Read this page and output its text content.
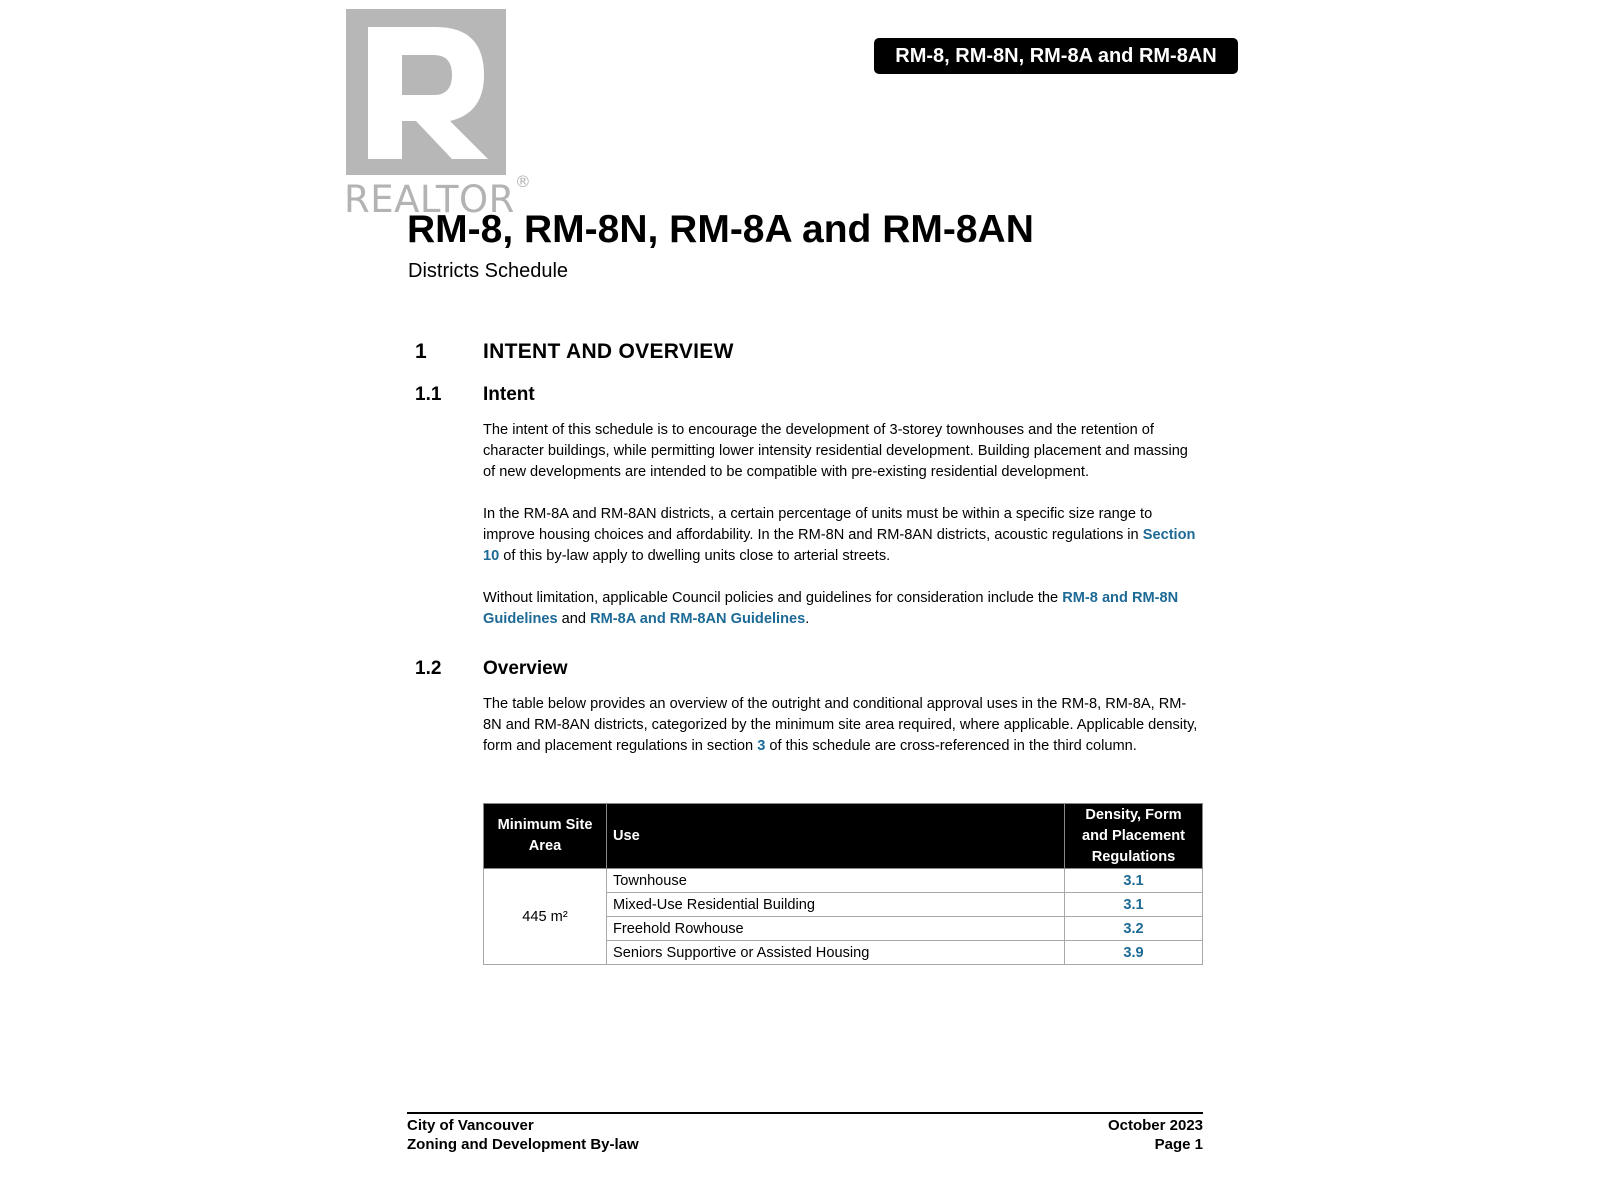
REALTOR®
RM-8, RM-8N, RM-8A and RM-8AN
RM-8, RM-8N, RM-8A and RM-8AN
Districts Schedule
1	INTENT AND OVERVIEW
1.1 Intent
The intent of this schedule is to encourage the development of 3-storey townhouses and the retention of character buildings, while permitting lower intensity residential development. Building placement and massing of new developments are intended to be compatible with pre-existing residential development.
In the RM-8A and RM-8AN districts, a certain percentage of units must be within a specific size range to improve housing choices and affordability. In the RM-8N and RM-8AN districts, acoustic regulations in Section 10 of this by-law apply to dwelling units close to arterial streets.
Without limitation, applicable Council policies and guidelines for consideration include the RM-8 and RM-8N Guidelines and RM-8A and RM-8AN Guidelines.
1.2 Overview
The table below provides an overview of the outright and conditional approval uses in the RM-8, RM-8A, RM-8N and RM-8AN districts, categorized by the minimum site area required, where applicable. Applicable density, form and placement regulations in section 3 of this schedule are cross-referenced in the third column.
Minimum Site Area	Use	Density, Form and Placement Regulations
445 m²	Townhouse	3.1
	Mixed-Use Residential Building	3.1
	Freehold Rowhouse	3.2
	Seniors Supportive or Assisted Housing	3.9
City of Vancouver
Zoning and Development By-law
October 2023
Page 1
